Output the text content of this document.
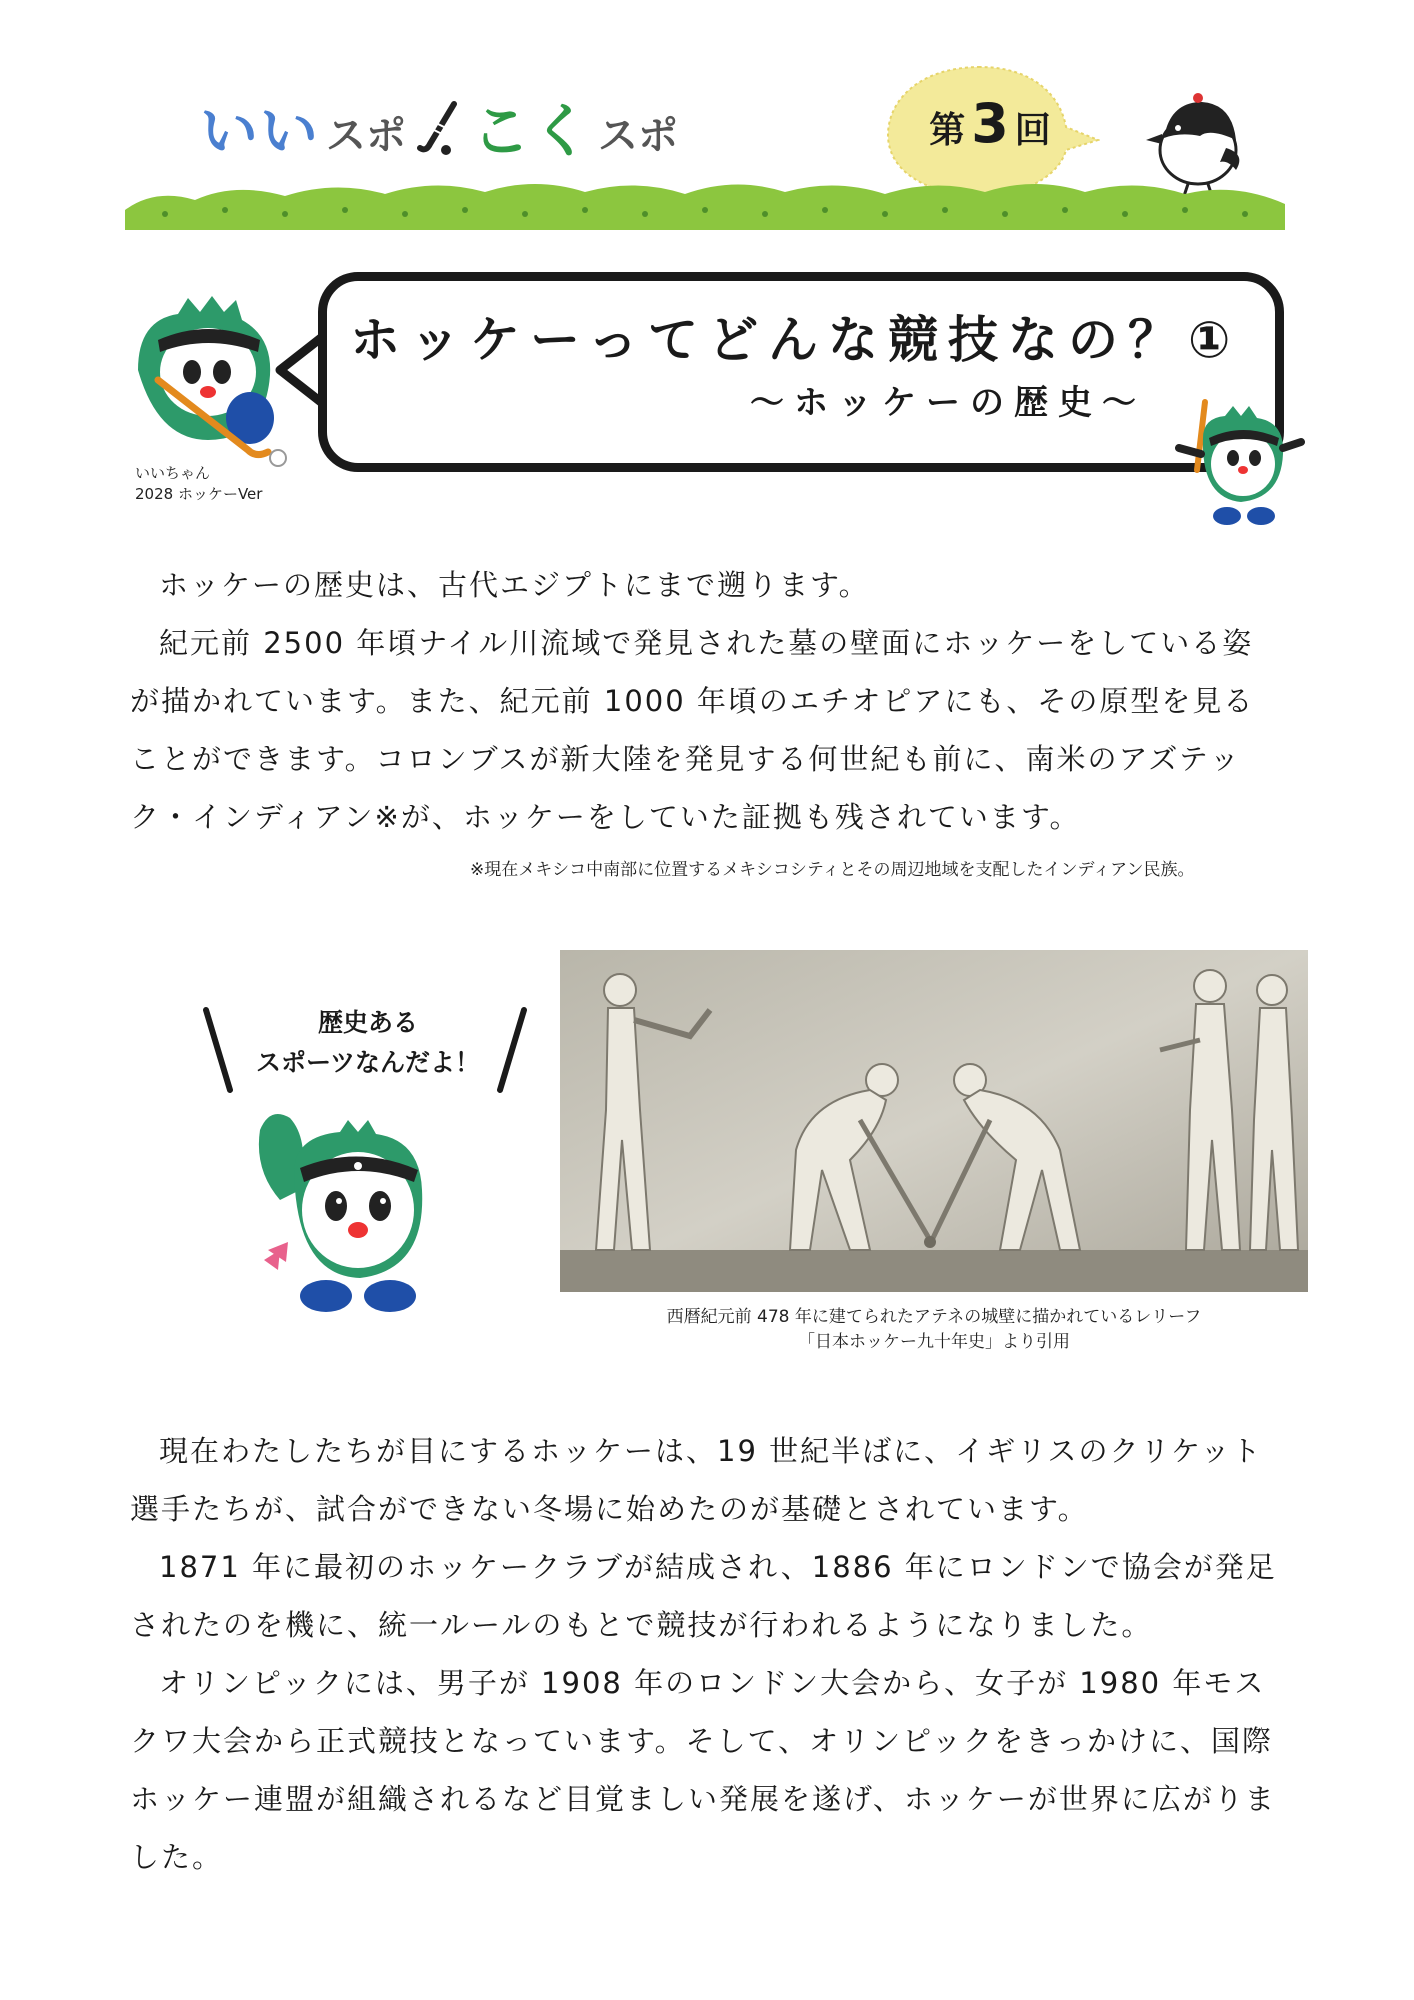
いい スポ こく スポ	第 3 回
いいちゃん
2028 ホッケーVer
ホッケーってどんな競技なの？①
～ホッケーの歴史～

ホッケーの歴史は、古代エジプトにまで遡ります。

紀元前 2500 年頃ナイル川流域で発見された墓の壁面にホッケーをしている姿が描かれています。また、紀元前 1000 年頃のエチオピアにも、その原型を見ることができます。コロンブスが新大陸を発見する何世紀も前に、南米のアズテック・インディアン※が、ホッケーをしていた証拠も残されています。

※現在メキシコ中南部に位置するメキシコシティとその周辺地域を支配したインディアン民族。
歴史ある
スポーツなんだよ！
西暦紀元前 478 年に建てられたアテネの城壁に描かれているレリーフ
「日本ホッケー九十年史」より引用

現在わたしたちが目にするホッケーは、19 世紀半ばに、イギリスのクリケット選手たちが、試合ができない冬場に始めたのが基礎とされています。

1871 年に最初のホッケークラブが結成され、1886 年にロンドンで協会が発足されたのを機に、統一ルールのもとで競技が行われるようになりました。

オリンピックには、男子が 1908 年のロンドン大会から、女子が 1980 年モスクワ大会から正式競技となっています。そして、オリンピックをきっかけに、国際ホッケー連盟が組織されるなど目覚ましい発展を遂げ、ホッケーが世界に広がりました。
